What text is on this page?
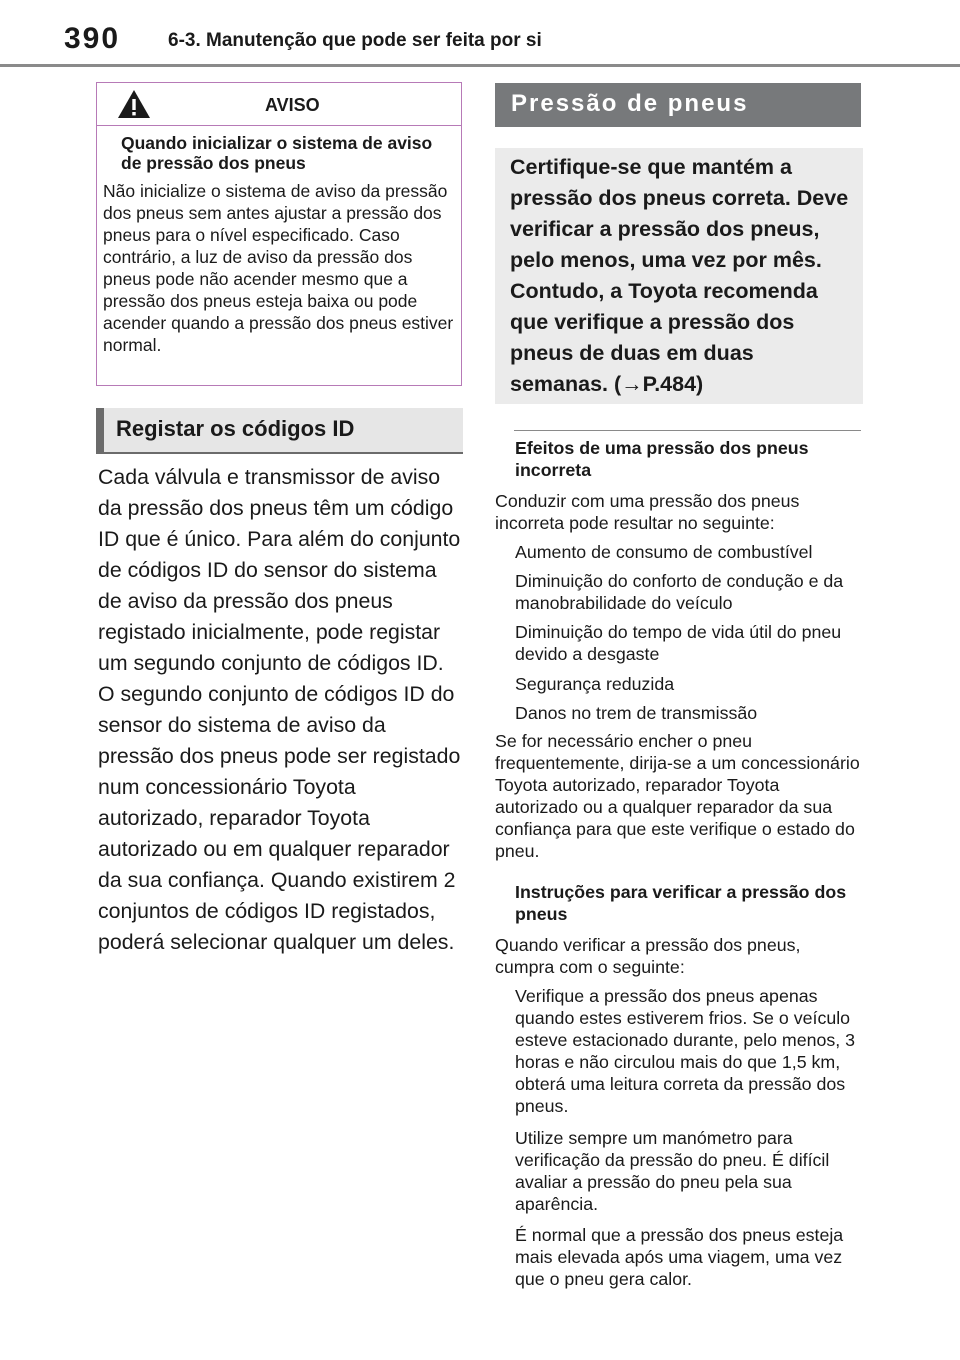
390	6-3. Manutenção que pode ser feita por si
AVISO
Quando inicializar o sistema de aviso de pressão dos pneus
Não inicialize o sistema de aviso da pressão dos pneus sem antes ajustar a pressão dos pneus para o nível especificado. Caso contrário, a luz de aviso da pressão dos pneus pode não acender mesmo que a pressão dos pneus esteja baixa ou pode acender quando a pressão dos pneus estiver normal.
Registar os códigos ID
Cada válvula e transmissor de aviso da pressão dos pneus têm um código ID que é único. Para além do conjunto de códigos ID do sensor do sistema de aviso da pressão dos pneus registado inicialmente, pode registar um segundo conjunto de códigos ID. O segundo conjunto de códigos ID do sensor do sistema de aviso da pressão dos pneus pode ser registado num concessionário Toyota autorizado, reparador Toyota autorizado ou em qualquer reparador da sua confiança. Quando existirem 2 conjuntos de códigos ID registados, poderá selecionar qualquer um deles.
Pressão de pneus

Certifique-se que mantém a pressão dos pneus correta. Deve verificar a pressão dos pneus, pelo menos, uma vez por mês. Contudo, a Toyota recomenda que verifique a pressão dos pneus de duas em duas semanas. (→P.484)

Efeitos de uma pressão dos pneus incorreta
Conduzir com uma pressão dos pneus incorreta pode resultar no seguinte:
Aumento de consumo de combustível
Diminuição do conforto de condução e da manobrabilidade do veículo
Diminuição do tempo de vida útil do pneu devido a desgaste
Segurança reduzida
Danos no trem de transmissão
Se for necessário encher o pneu frequentemente, dirija-se a um concessionário Toyota autorizado, reparador Toyota autorizado ou a qualquer reparador da sua confiança para que este verifique o estado do pneu.
Instruções para verificar a pressão dos pneus
Quando verificar a pressão dos pneus, cumpra com o seguinte:
Verifique a pressão dos pneus apenas quando estes estiverem frios. Se o veículo esteve estacionado durante, pelo menos, 3 horas e não circulou mais do que 1,5 km, obterá uma leitura correta da pressão dos pneus.
Utilize sempre um manómetro para verificação da pressão do pneu. É difícil avaliar a pressão do pneu pela sua aparência.
É normal que a pressão dos pneus esteja mais elevada após uma viagem, uma vez que o pneu gera calor.
